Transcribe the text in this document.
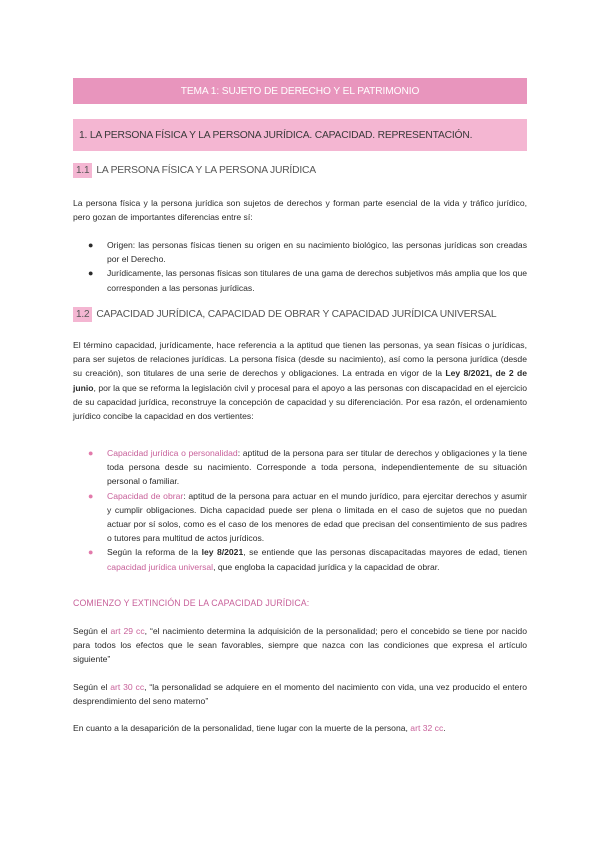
TEMA 1: SUJETO DE DERECHO Y EL PATRIMONIO
1. LA PERSONA FÍSICA Y LA PERSONA JURÍDICA. CAPACIDAD. REPRESENTACIÓN.
1.1 LA PERSONA FÍSICA Y LA PERSONA JURÍDICA

La persona física y la persona jurídica son sujetos de derechos y forman parte esencial de la vida y tráfico jurídico, pero gozan de importantes diferencias entre sí:

● Origen: las personas físicas tienen su origen en su nacimiento biológico, las personas jurídicas son creadas por el Derecho.
● Jurídicamente, las personas físicas son titulares de una gama de derechos subjetivos más amplia que los que corresponden a las personas jurídicas.
1.2 CAPACIDAD JURÍDICA, CAPACIDAD DE OBRAR Y CAPACIDAD JURÍDICA UNIVERSAL

El término capacidad, jurídicamente, hace referencia a la aptitud que tienen las personas, ya sean físicas o jurídicas, para ser sujetos de relaciones jurídicas. La persona física (desde su nacimiento), así como la persona jurídica (desde su creación), son titulares de una serie de derechos y obligaciones. La entrada en vigor de la Ley 8/2021, de 2 de junio, por la que se reforma la legislación civil y procesal para el apoyo a las personas con discapacidad en el ejercicio de su capacidad jurídica, reconstruye la concepción de capacidad y su diferenciación. Por esa razón, el ordenamiento jurídico concibe la capacidad en dos vertientes:

● Capacidad jurídica o personalidad: aptitud de la persona para ser titular de derechos y obligaciones y la tiene toda persona desde su nacimiento. Corresponde a toda persona, independientemente de su situación personal o familiar.
● Capacidad de obrar: aptitud de la persona para actuar en el mundo jurídico, para ejercitar derechos y asumir y cumplir obligaciones. Dicha capacidad puede ser plena o limitada en el caso de sujetos que no puedan actuar por sí solos, como es el caso de los menores de edad que precisan del consentimiento de sus padres o tutores para multitud de actos jurídicos.
● Según la reforma de la ley 8/2021, se entiende que las personas discapacitadas mayores de edad, tienen capacidad jurídica universal, que engloba la capacidad jurídica y la capacidad de obrar.
COMIENZO Y EXTINCIÓN DE LA CAPACIDAD JURÍDICA:

Según el art 29 cc, “el nacimiento determina la adquisición de la personalidad; pero el concebido se tiene por nacido para todos los efectos que le sean favorables, siempre que nazca con las condiciones que expresa el artículo siguiente”

Según el art 30 cc, “la personalidad se adquiere en el momento del nacimiento con vida, una vez producido el entero desprendimiento del seno materno”

En cuanto a la desaparición de la personalidad, tiene lugar con la muerte de la persona, art 32 cc.
